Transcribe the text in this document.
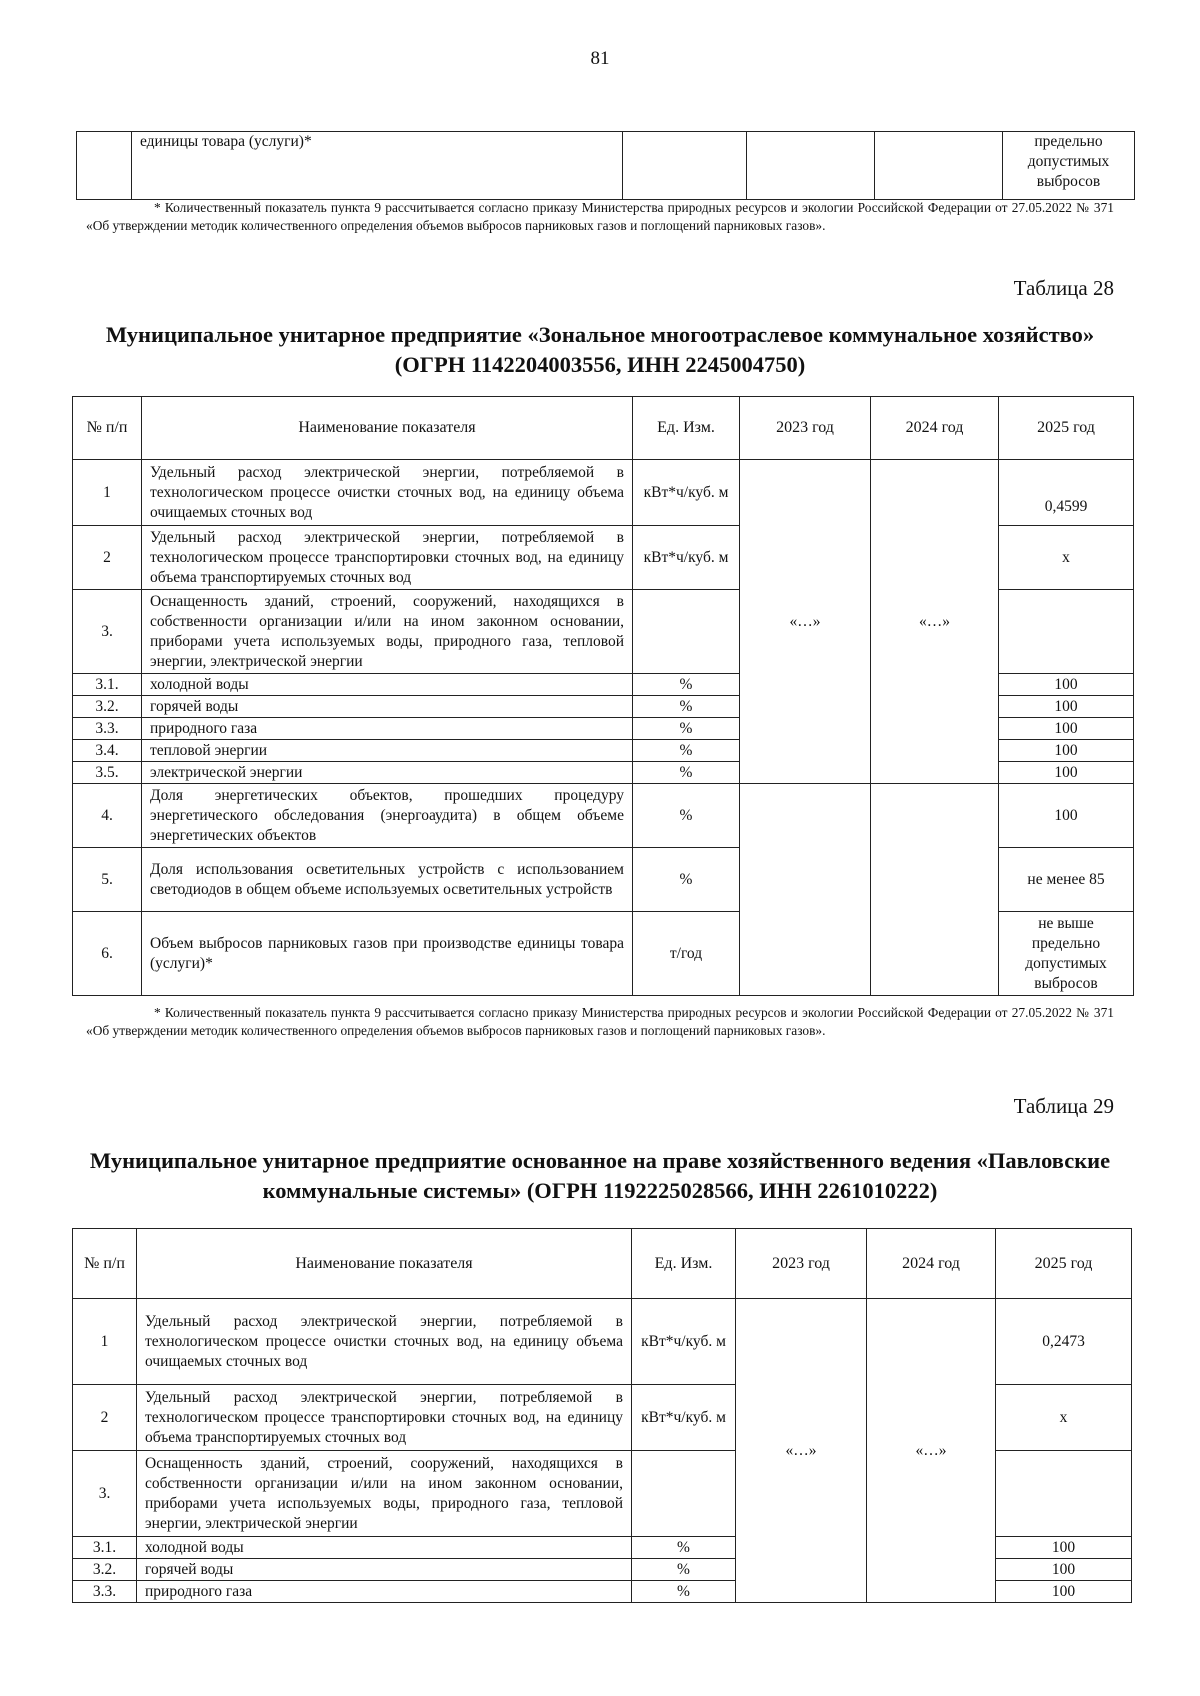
81
	единицы товара (услуги)*				предельно допустимых выбросов
* Количественный показатель пункта 9 рассчитывается согласно приказу Министерства природных ресурсов и экологии Российской Федерации от 27.05.2022 № 371 «Об утверждении методик количественного определения объемов выбросов парниковых газов и поглощений парниковых газов».
Таблица 28
Муниципальное унитарное предприятие «Зональное многоотраслевое коммунальное хозяйство» (ОГРН 1142204003556, ИНН 2245004750)
№ п/п	Наименование показателя	Ед. Изм.	2023 год	2024 год	2025 год
1	Удельный расход электрической энергии, потребляемой в технологическом процессе очистки сточных вод, на единицу объема очищаемых сточных вод	кВт*ч/куб. м	«…»	«…»	0,4599
2	Удельный расход электрической энергии, потребляемой в технологическом процессе транспортировки сточных вод, на единицу объема транспортируемых сточных вод	кВт*ч/куб. м			х
3.	Оснащенность зданий, строений, сооружений, находящихся в собственности организации и/или на ином законном основании, приборами учета используемых воды, природного газа, тепловой энергии, электрической энергии				
3.1.	холодной воды	%			100
3.2.	горячей воды	%			100
3.3.	природного газа	%			100
3.4.	тепловой энергии	%			100
3.5.	электрической энергии	%			100
4.	Доля энергетических объектов, прошедших процедуру энергетического обследования (энергоаудита) в общем объеме энергетических объектов	%			100
5.	Доля использования осветительных устройств с использованием светодиодов в общем объеме используемых осветительных устройств	%			не менее 85
6.	Объем выбросов парниковых газов при производстве единицы товара (услуги)*	т/год			не выше предельно допустимых выбросов
* Количественный показатель пункта 9 рассчитывается согласно приказу Министерства природных ресурсов и экологии Российской Федерации от 27.05.2022 № 371 «Об утверждении методик количественного определения объемов выбросов парниковых газов и поглощений парниковых газов».
Таблица 29
Муниципальное унитарное предприятие основанное на праве хозяйственного ведения «Павловские коммунальные системы» (ОГРН 1192225028566, ИНН 2261010222)
№ п/п	Наименование показателя	Ед. Изм.	2023 год	2024 год	2025 год
1	Удельный расход электрической энергии, потребляемой в технологическом процессе очистки сточных вод, на единицу объема очищаемых сточных вод	кВт*ч/куб. м	«…»	«…»	0,2473
2	Удельный расход электрической энергии, потребляемой в технологическом процессе транспортировки сточных вод, на единицу объема транспортируемых сточных вод	кВт*ч/куб. м			х
3.	Оснащенность зданий, строений, сооружений, находящихся в собственности организации и/или на ином законном основании, приборами учета используемых воды, природного газа, тепловой энергии, электрической энергии				
3.1.	холодной воды	%			100
3.2.	горячей воды	%			100
3.3.	природного газа	%			100
